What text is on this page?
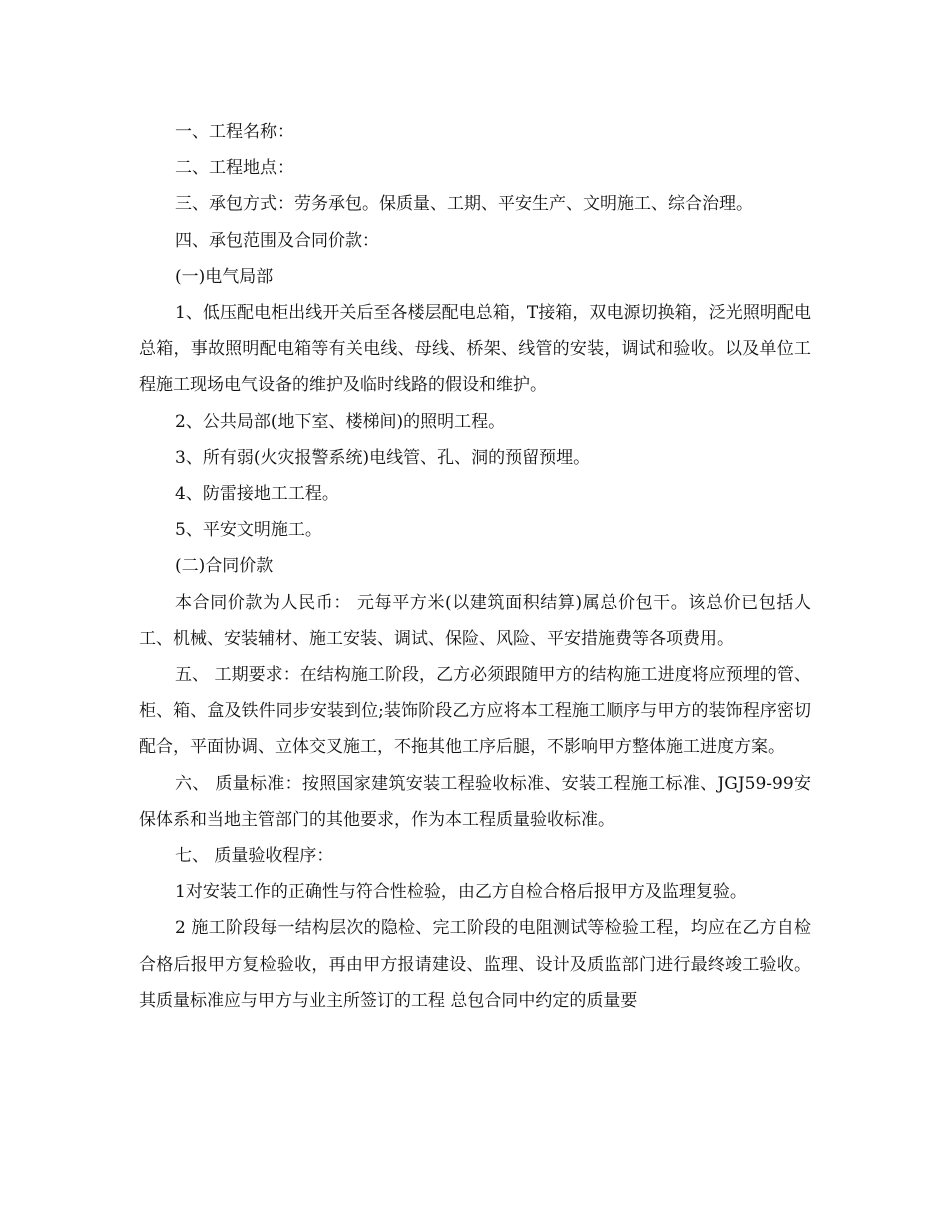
一、工程名称：

二、工程地点：

三、承包方式：劳务承包。保质量、工期、平安生产、文明施工、综合治理。

四、承包范围及合同价款：

(一)电气局部

1、低压配电柜出线开关后至各楼层配电总箱，T接箱，双电源切换箱，泛光照明配电总箱，事故照明配电箱等有关电线、母线、桥架、线管的安装，调试和验收。以及单位工程施工现场电气设备的维护及临时线路的假设和维护。

2、公共局部(地下室、楼梯间)的照明工程。

3、所有弱(火灾报警系统)电线管、孔、洞的预留预埋。

4、防雷接地工工程。

5、平安文明施工。

(二)合同价款

本合同价款为人民币： 元每平方米(以建筑面积结算)属总价包干。该总价已包括人工、机械、安装辅材、施工安装、调试、保险、风险、平安措施费等各项费用。

五、 工期要求：在结构施工阶段，乙方必须跟随甲方的结构施工进度将应预埋的管、柜、箱、盒及铁件同步安装到位;装饰阶段乙方应将本工程施工顺序与甲方的装饰程序密切配合，平面协调、立体交叉施工，不拖其他工序后腿，不影响甲方整体施工进度方案。

六、 质量标准：按照国家建筑安装工程验收标准、安装工程施工标准、JGJ59-99安保体系和当地主管部门的其他要求，作为本工程质量验收标准。

七、 质量验收程序：

1对安装工作的正确性与符合性检验，由乙方自检合格后报甲方及监理复验。

2 施工阶段每一结构层次的隐检、完工阶段的电阻测试等检验工程，均应在乙方自检合格后报甲方复检验收，再由甲方报请建设、监理、设计及质监部门进行最终竣工验收。其质量标准应与甲方与业主所签订的工程 总包合同中约定的质量要
